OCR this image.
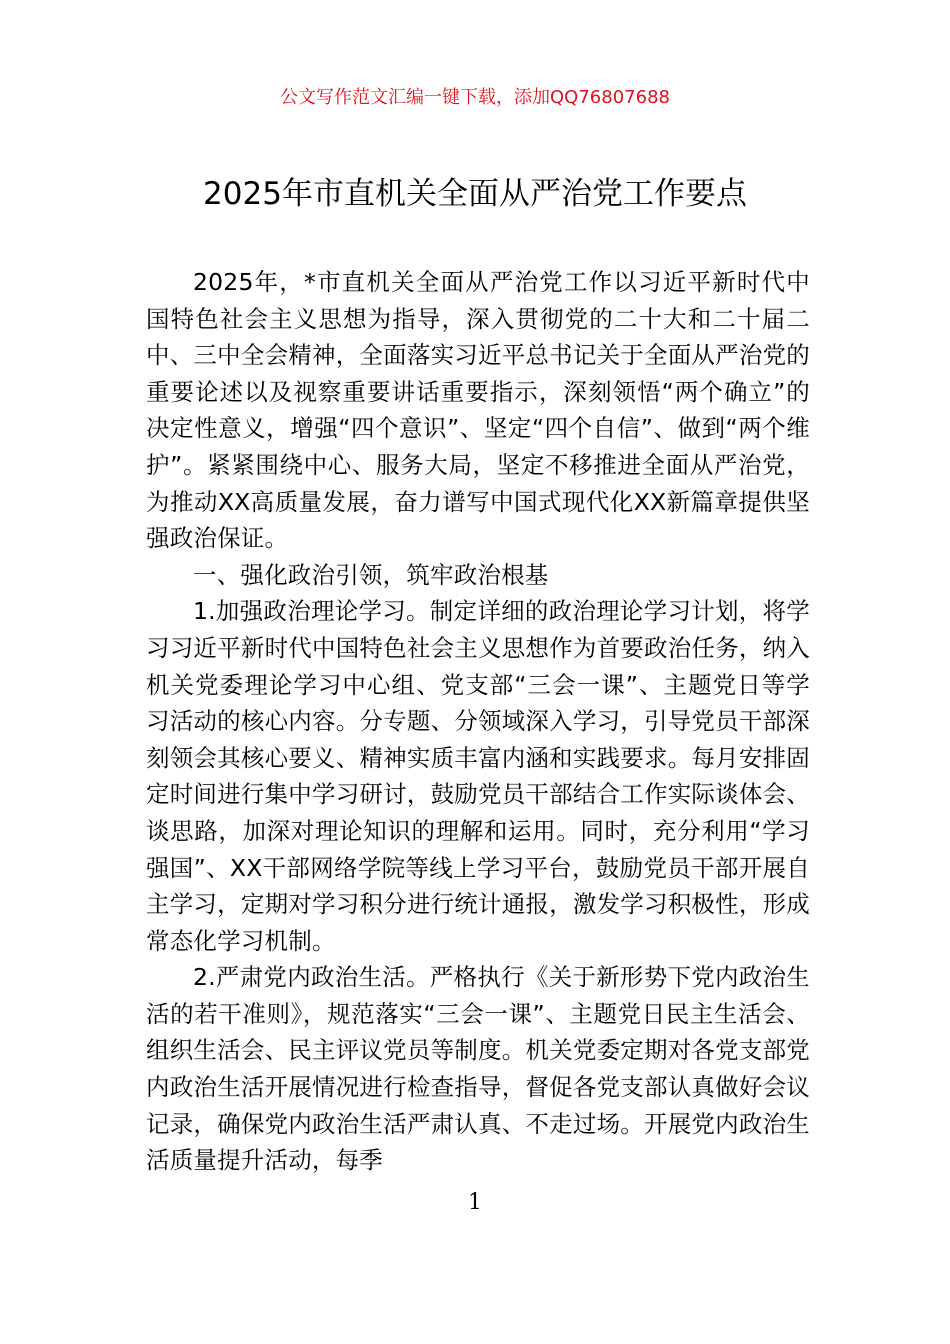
公文写作范文汇编一键下载，添加QQ76807688
2025年市直机关全面从严治党工作要点

2025年，*市直机关全面从严治党工作以习近平新时代中国特色社会主义思想为指导，深入贯彻党的二十大和二十届二中、三中全会精神，全面落实习近平总书记关于全面从严治党的重要论述以及视察重要讲话重要指示，深刻领悟“两个确立”的决定性意义，增强“四个意识”、坚定“四个自信”、做到“两个维护”。紧紧围绕中心、服务大局，坚定不移推进全面从严治党，为推动XX高质量发展，奋力谱写中国式现代化XX新篇章提供坚强政治保证。

一、强化政治引领，筑牢政治根基

1.加强政治理论学习。制定详细的政治理论学习计划，将学习习近平新时代中国特色社会主义思想作为首要政治任务，纳入机关党委理论学习中心组、党支部“三会一课”、主题党日等学习活动的核心内容。分专题、分领域深入学习，引导党员干部深刻领会其核心要义、精神实质丰富内涵和实践要求。每月安排固定时间进行集中学习研讨，鼓励党员干部结合工作实际谈体会、谈思路，加深对理论知识的理解和运用。同时，充分利用“学习强国”、XX干部网络学院等线上学习平台，鼓励党员干部开展自主学习，定期对学习积分进行统计通报，激发学习积极性，形成常态化学习机制。

2.严肃党内政治生活。严格执行《关于新形势下党内政治生活的若干准则》，规范落实“三会一课”、主题党日民主生活会、组织生活会、民主评议党员等制度。机关党委定期对各党支部党内政治生活开展情况进行检查指导，督促各党支部认真做好会议记录，确保党内政治生活严肃认真、不走过场。开展党内政治生活质量提升活动，每季

1
